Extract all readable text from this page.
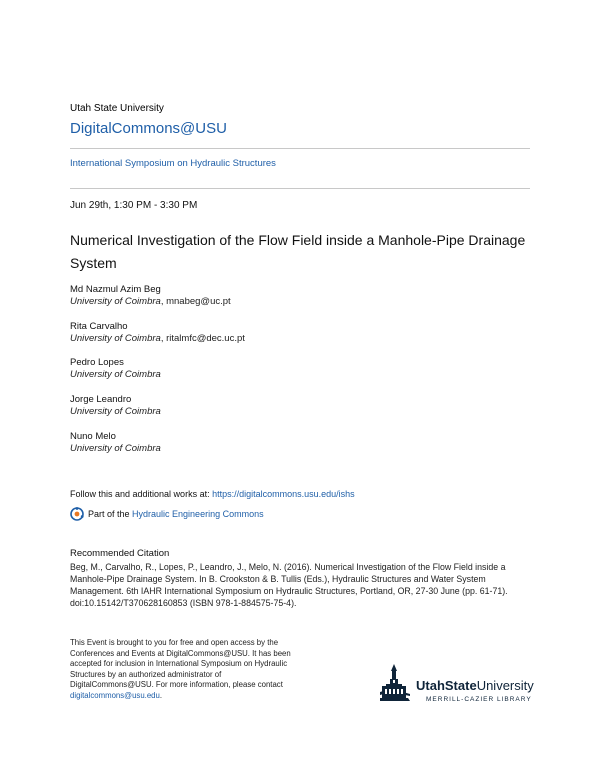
Utah State University
DigitalCommons@USU
International Symposium on Hydraulic Structures
Jun 29th, 1:30 PM - 3:30 PM
Numerical Investigation of the Flow Field inside a Manhole-Pipe Drainage System
Md Nazmul Azim Beg
University of Coimbra, mnabeg@uc.pt
Rita Carvalho
University of Coimbra, ritalmfc@dec.uc.pt
Pedro Lopes
University of Coimbra
Jorge Leandro
University of Coimbra
Nuno Melo
University of Coimbra
Follow this and additional works at: https://digitalcommons.usu.edu/ishs
Part of the Hydraulic Engineering Commons
Recommended Citation
Beg, M., Carvalho, R., Lopes, P., Leandro, J., Melo, N. (2016). Numerical Investigation of the Flow Field inside a Manhole-Pipe Drainage System. In B. Crookston & B. Tullis (Eds.), Hydraulic Structures and Water System Management. 6th IAHR International Symposium on Hydraulic Structures, Portland, OR, 27-30 June (pp. 61-71). doi:10.15142/T370628160853 (ISBN 978-1-884575-75-4).
This Event is brought to you for free and open access by the Conferences and Events at DigitalCommons@USU. It has been accepted for inclusion in International Symposium on Hydraulic Structures by an authorized administrator of DigitalCommons@USU. For more information, please contact digitalcommons@usu.edu.
UtahStateUniversity
MERRILL-CAZIER LIBRARY
